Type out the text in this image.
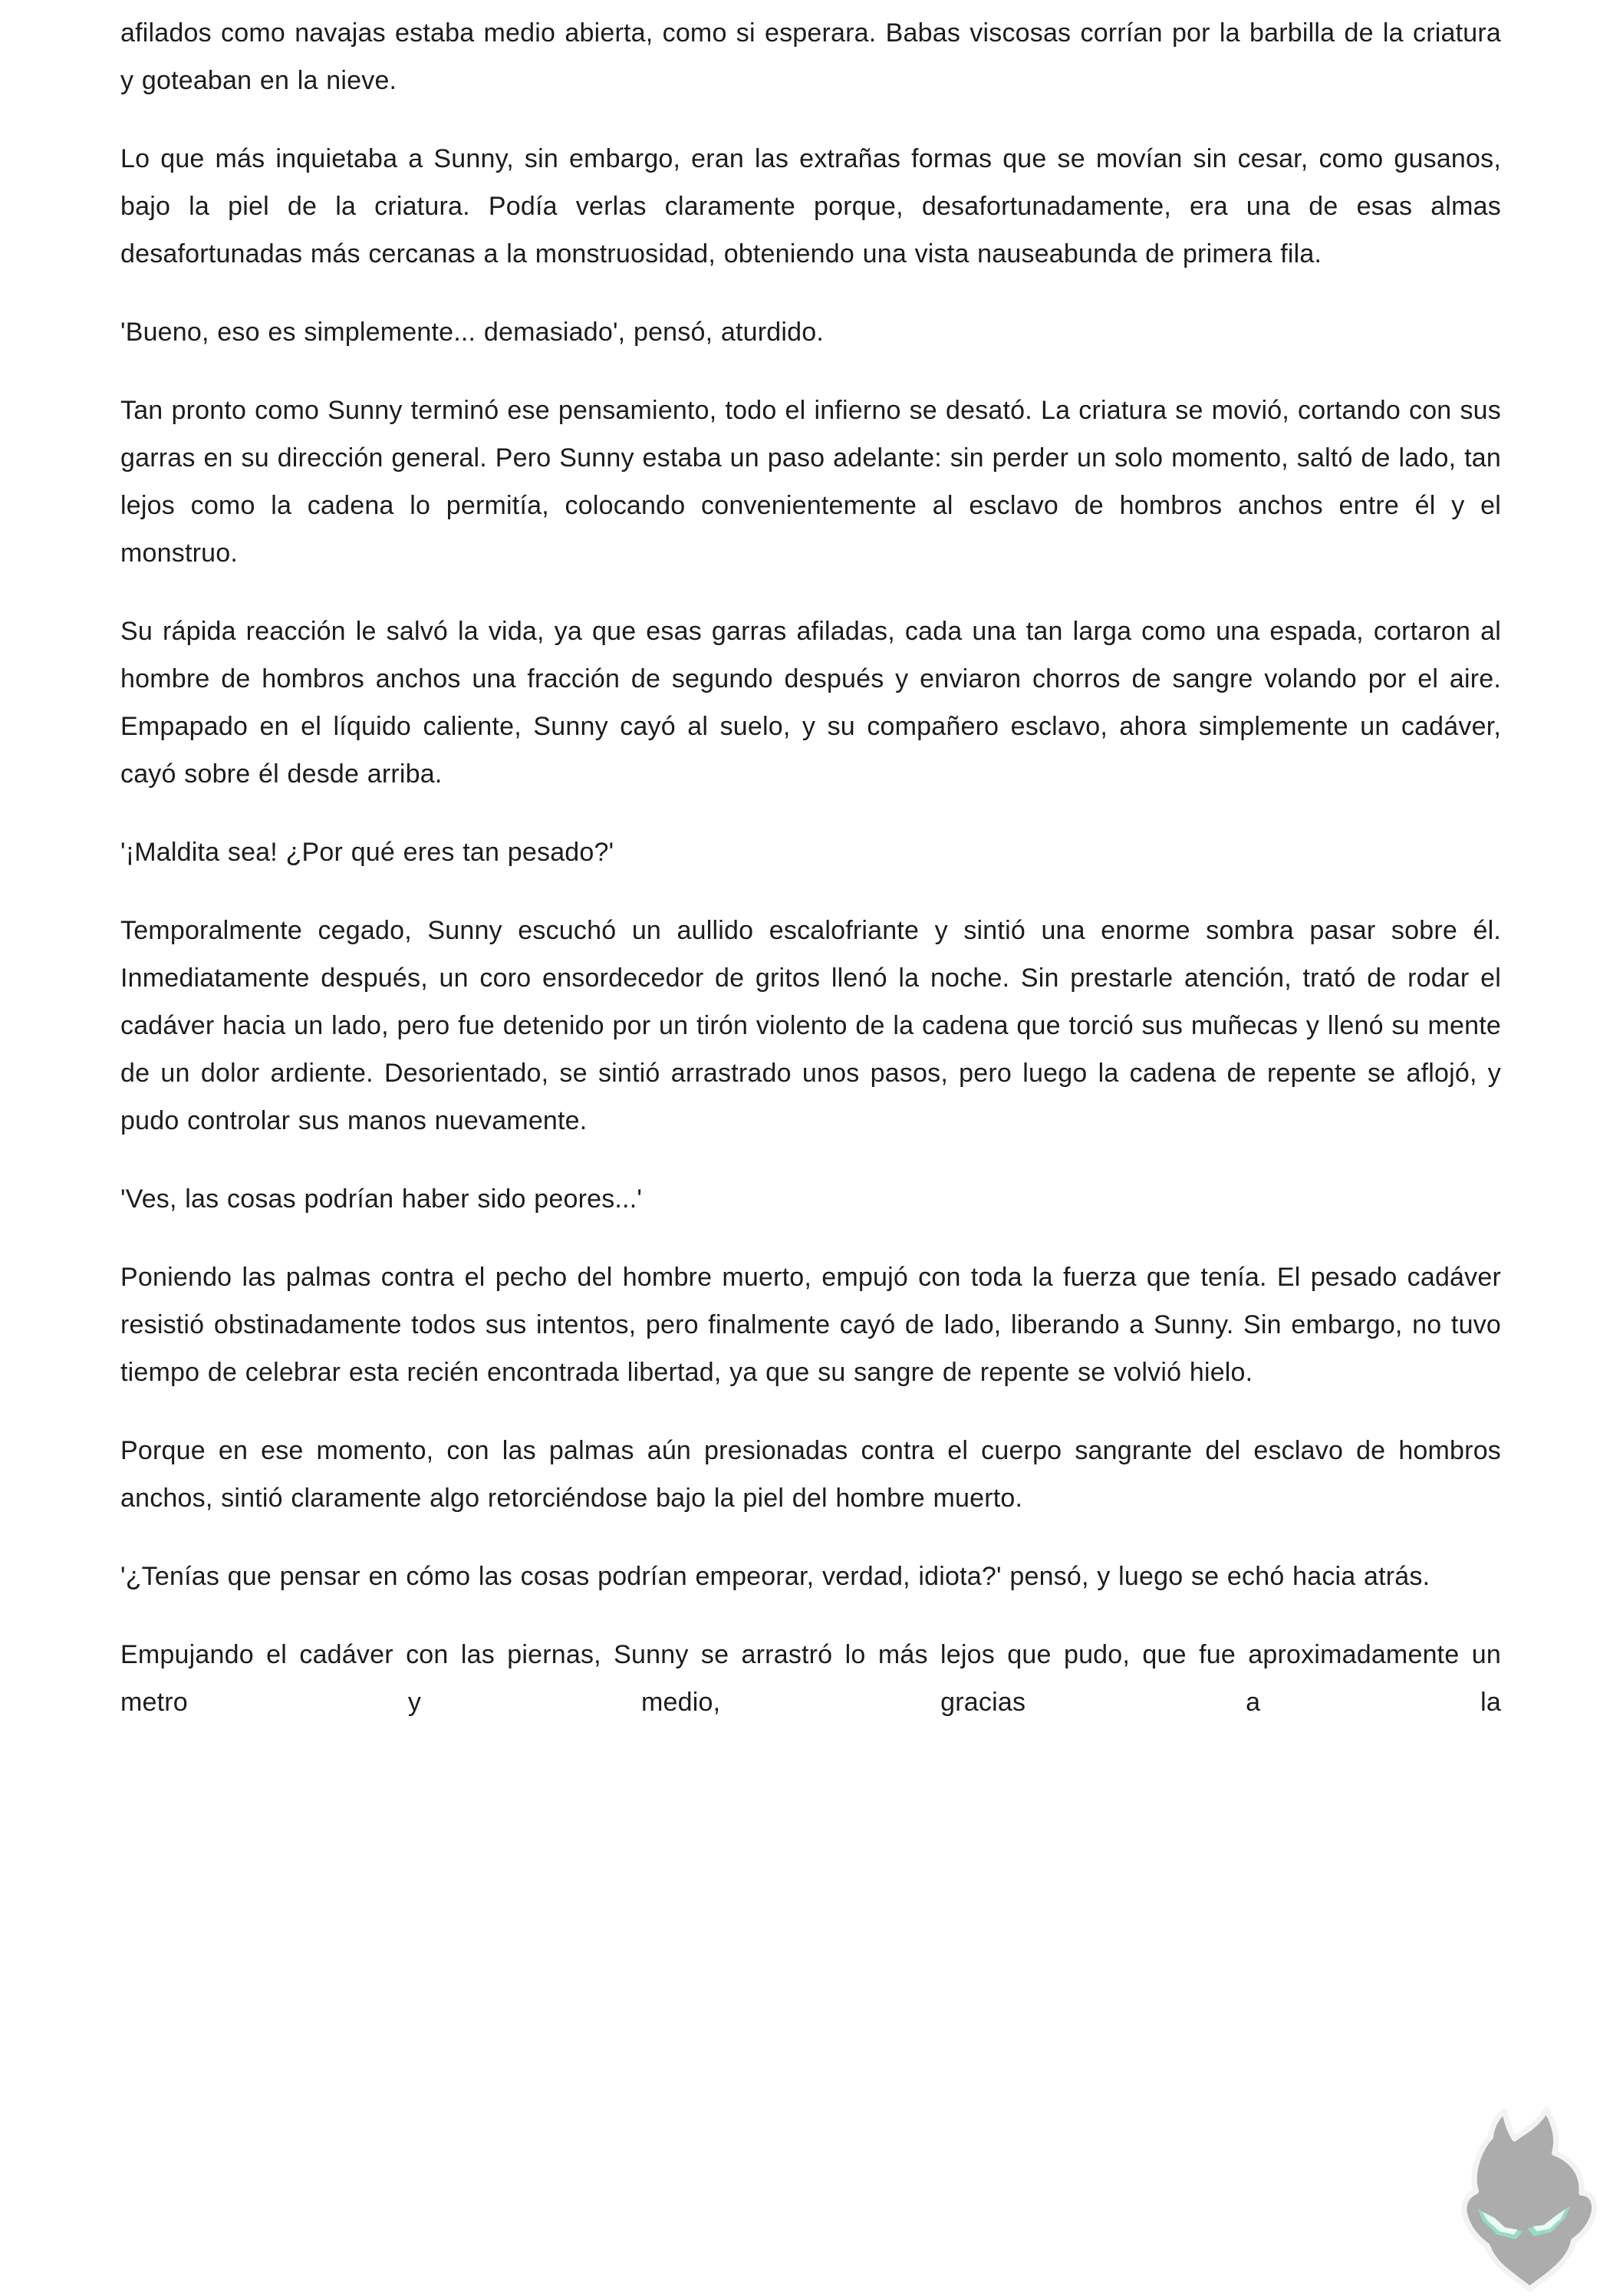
afilados como navajas estaba medio abierta, como si esperara. Babas viscosas corrían por la barbilla de la criatura y goteaban en la nieve.

Lo que más inquietaba a Sunny, sin embargo, eran las extrañas formas que se movían sin cesar, como gusanos, bajo la piel de la criatura. Podía verlas claramente porque, desafortunadamente, era una de esas almas desafortunadas más cercanas a la monstruosidad, obteniendo una vista nauseabunda de primera fila.

'Bueno, eso es simplemente... demasiado', pensó, aturdido.

Tan pronto como Sunny terminó ese pensamiento, todo el infierno se desató. La criatura se movió, cortando con sus garras en su dirección general. Pero Sunny estaba un paso adelante: sin perder un solo momento, saltó de lado, tan lejos como la cadena lo permitía, colocando convenientemente al esclavo de hombros anchos entre él y el monstruo.

Su rápida reacción le salvó la vida, ya que esas garras afiladas, cada una tan larga como una espada, cortaron al hombre de hombros anchos una fracción de segundo después y enviaron chorros de sangre volando por el aire. Empapado en el líquido caliente, Sunny cayó al suelo, y su compañero esclavo, ahora simplemente un cadáver, cayó sobre él desde arriba.

'¡Maldita sea! ¿Por qué eres tan pesado?'

Temporalmente cegado, Sunny escuchó un aullido escalofriante y sintió una enorme sombra pasar sobre él. Inmediatamente después, un coro ensordecedor de gritos llenó la noche. Sin prestarle atención, trató de rodar el cadáver hacia un lado, pero fue detenido por un tirón violento de la cadena que torció sus muñecas y llenó su mente de un dolor ardiente. Desorientado, se sintió arrastrado unos pasos, pero luego la cadena de repente se aflojó, y pudo controlar sus manos nuevamente.

'Ves, las cosas podrían haber sido peores...'

Poniendo las palmas contra el pecho del hombre muerto, empujó con toda la fuerza que tenía. El pesado cadáver resistió obstinadamente todos sus intentos, pero finalmente cayó de lado, liberando a Sunny. Sin embargo, no tuvo tiempo de celebrar esta recién encontrada libertad, ya que su sangre de repente se volvió hielo.

Porque en ese momento, con las palmas aún presionadas contra el cuerpo sangrante del esclavo de hombros anchos, sintió claramente algo retorciéndose bajo la piel del hombre muerto.

'¿Tenías que pensar en cómo las cosas podrían empeorar, verdad, idiota?' pensó, y luego se echó hacia atrás.

Empujando el cadáver con las piernas, Sunny se arrastró lo más lejos que pudo, que fue aproximadamente un metro y medio, gracias a la
